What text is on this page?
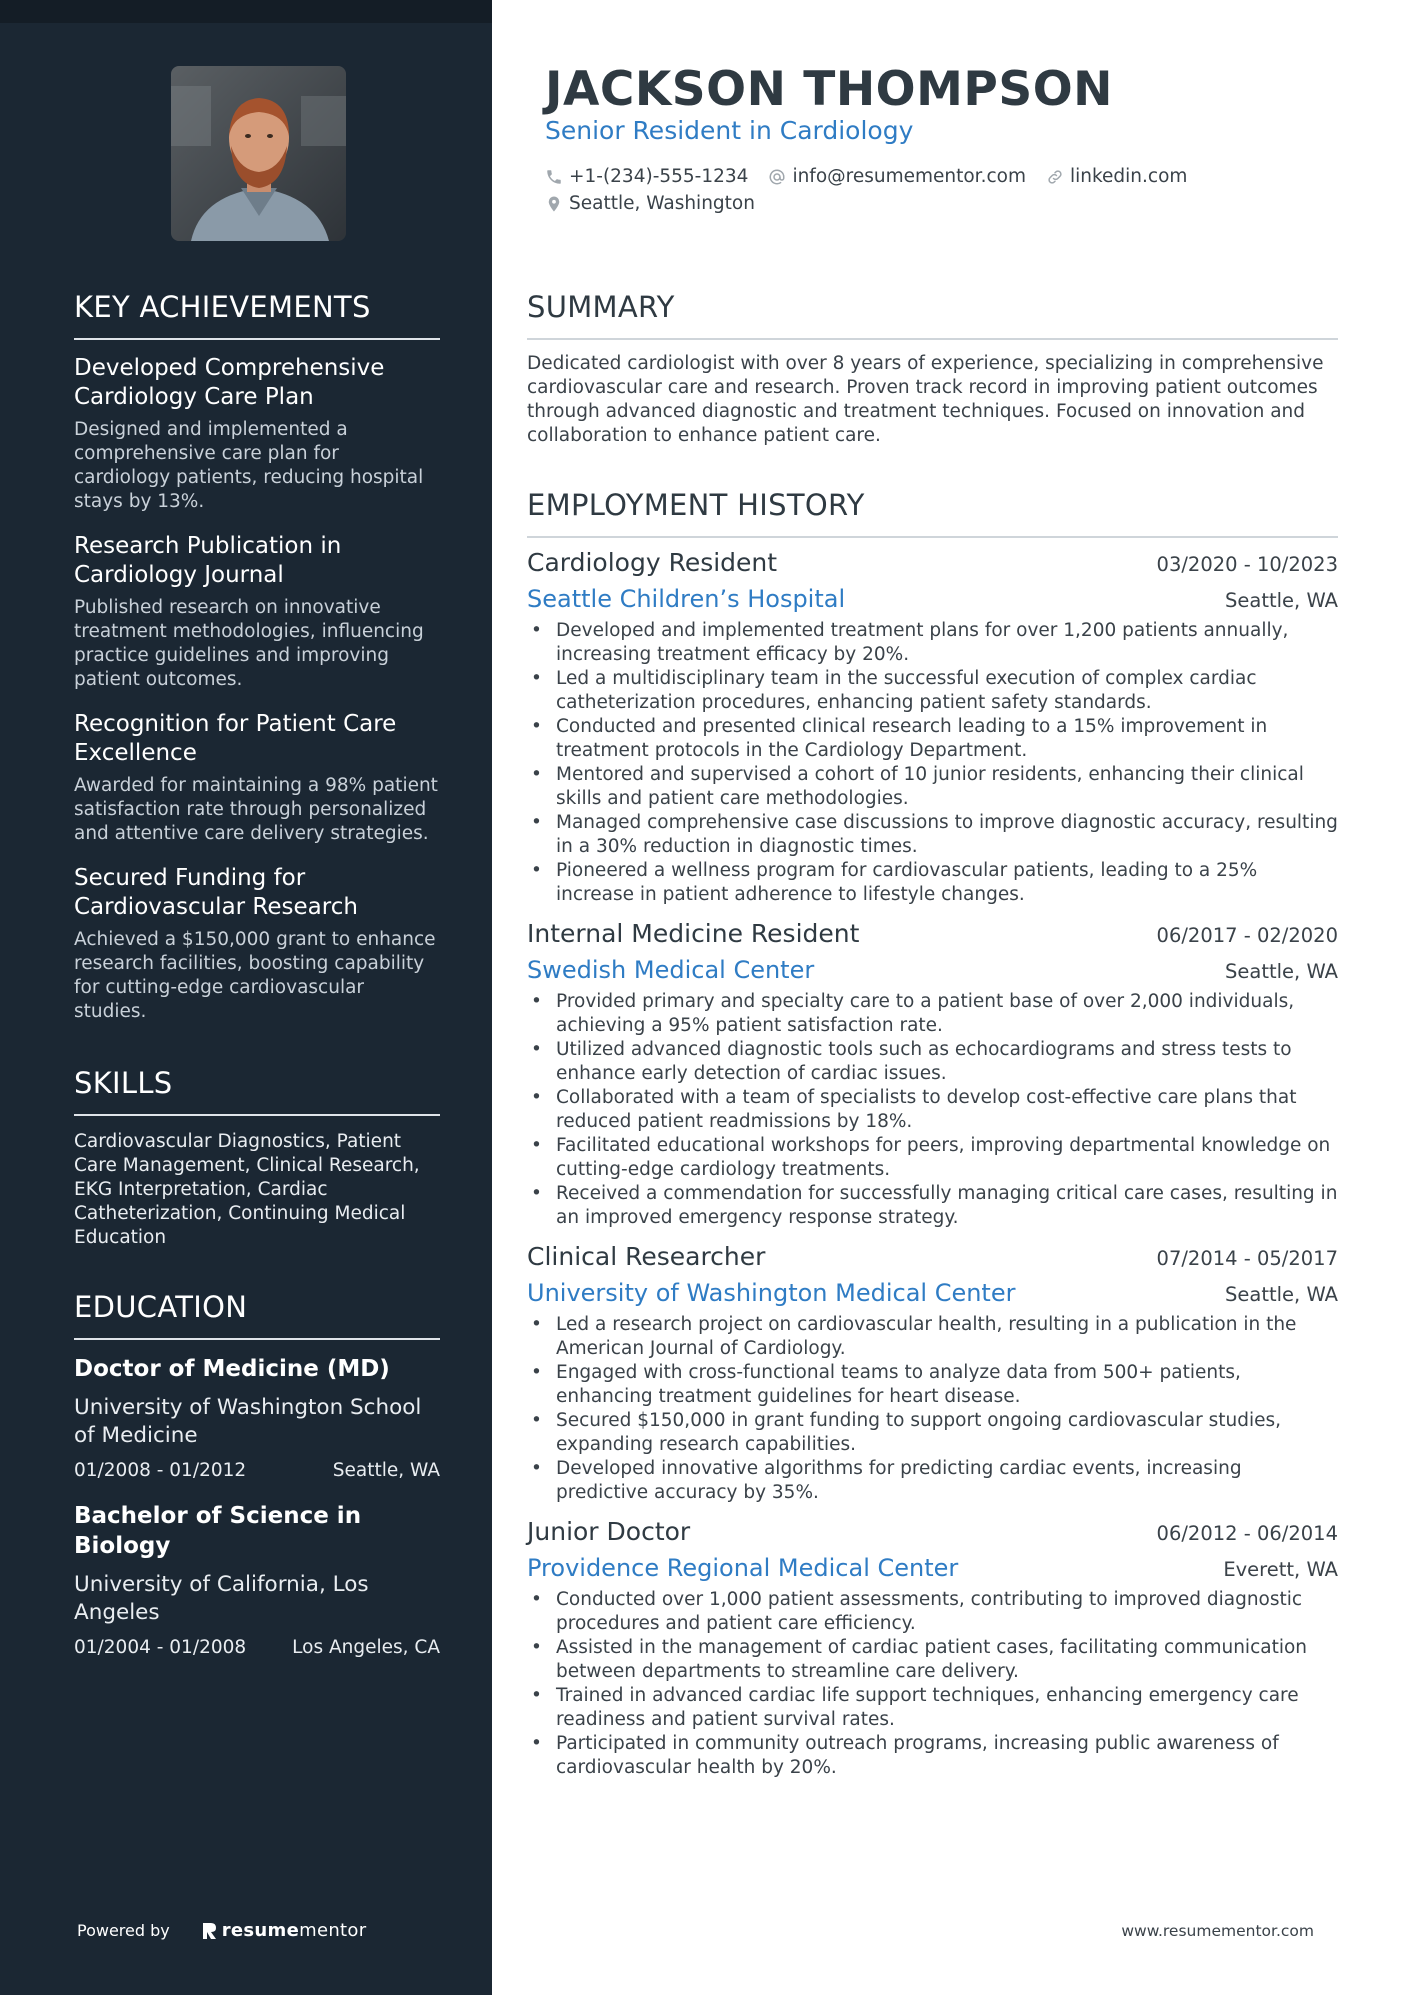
KEY ACHIEVEMENTS
Developed Comprehensive Cardiology Care Plan
Designed and implemented a comprehensive care plan for cardiology patients, reducing hospital stays by 13%.
Research Publication in Cardiology Journal
Published research on innovative treatment methodologies, influencing practice guidelines and improving patient outcomes.
Recognition for Patient Care Excellence
Awarded for maintaining a 98% patient satisfaction rate through personalized and attentive care delivery strategies.
Secured Funding for Cardiovascular Research
Achieved a $150,000 grant to enhance research facilities, boosting capability for cutting-edge cardiovascular studies.
SKILLS
Cardiovascular Diagnostics, Patient Care Management, Clinical Research, EKG Interpretation, Cardiac Catheterization, Continuing Medical Education
EDUCATION
Doctor of Medicine (MD)
University of Washington School of Medicine
01/2008 - 01/2012	Seattle, WA
Bachelor of Science in Biology
University of California, Los Angeles
01/2004 - 01/2008 Los Angeles, CA
Powered by	resume mentor
JACKSON THOMPSON
Senior Resident in Cardiology
+1-(234)-555-1234 info@resumementor.com linkedin.com
Seattle, Washington
SUMMARY
Dedicated cardiologist with over 8 years of experience, specializing in comprehensive cardiovascular care and research. Proven track record in improving patient outcomes through advanced diagnostic and treatment techniques. Focused on innovation and collaboration to enhance patient care.
EMPLOYMENT HISTORY
Cardiology Resident	03/2020 - 10/2023
Seattle Children’s Hospital	Seattle, WA
• Developed and implemented treatment plans for over 1,200 patients annually, increasing treatment efficacy by 20%.
• Led a multidisciplinary team in the successful execution of complex cardiac catheterization procedures, enhancing patient safety standards.
• Conducted and presented clinical research leading to a 15% improvement in treatment protocols in the Cardiology Department.
• Mentored and supervised a cohort of 10 junior residents, enhancing their clinical skills and patient care methodologies.
• Managed comprehensive case discussions to improve diagnostic accuracy, resulting in a 30% reduction in diagnostic times.
• Pioneered a wellness program for cardiovascular patients, leading to a 25% increase in patient adherence to lifestyle changes.
Internal Medicine Resident	06/2017 - 02/2020
Swedish Medical Center	Seattle, WA
• Provided primary and specialty care to a patient base of over 2,000 individuals, achieving a 95% patient satisfaction rate.
• Utilized advanced diagnostic tools such as echocardiograms and stress tests to enhance early detection of cardiac issues.
• Collaborated with a team of specialists to develop cost-effective care plans that reduced patient readmissions by 18%.
• Facilitated educational workshops for peers, improving departmental knowledge on cutting-edge cardiology treatments.
• Received a commendation for successfully managing critical care cases, resulting in an improved emergency response strategy.
Clinical Researcher	07/2014 - 05/2017
University of Washington Medical Center	Seattle, WA
• Led a research project on cardiovascular health, resulting in a publication in the American Journal of Cardiology.
• Engaged with cross-functional teams to analyze data from 500+ patients, enhancing treatment guidelines for heart disease.
• Secured $150,000 in grant funding to support ongoing cardiovascular studies, expanding research capabilities.
• Developed innovative algorithms for predicting cardiac events, increasing predictive accuracy by 35%.
Junior Doctor	06/2012 - 06/2014
Providence Regional Medical Center	Everett, WA
• Conducted over 1,000 patient assessments, contributing to improved diagnostic procedures and patient care efficiency.
• Assisted in the management of cardiac patient cases, facilitating communication between departments to streamline care delivery.
• Trained in advanced cardiac life support techniques, enhancing emergency care readiness and patient survival rates.
• Participated in community outreach programs, increasing public awareness of cardiovascular health by 20%.
www.resumementor.com
